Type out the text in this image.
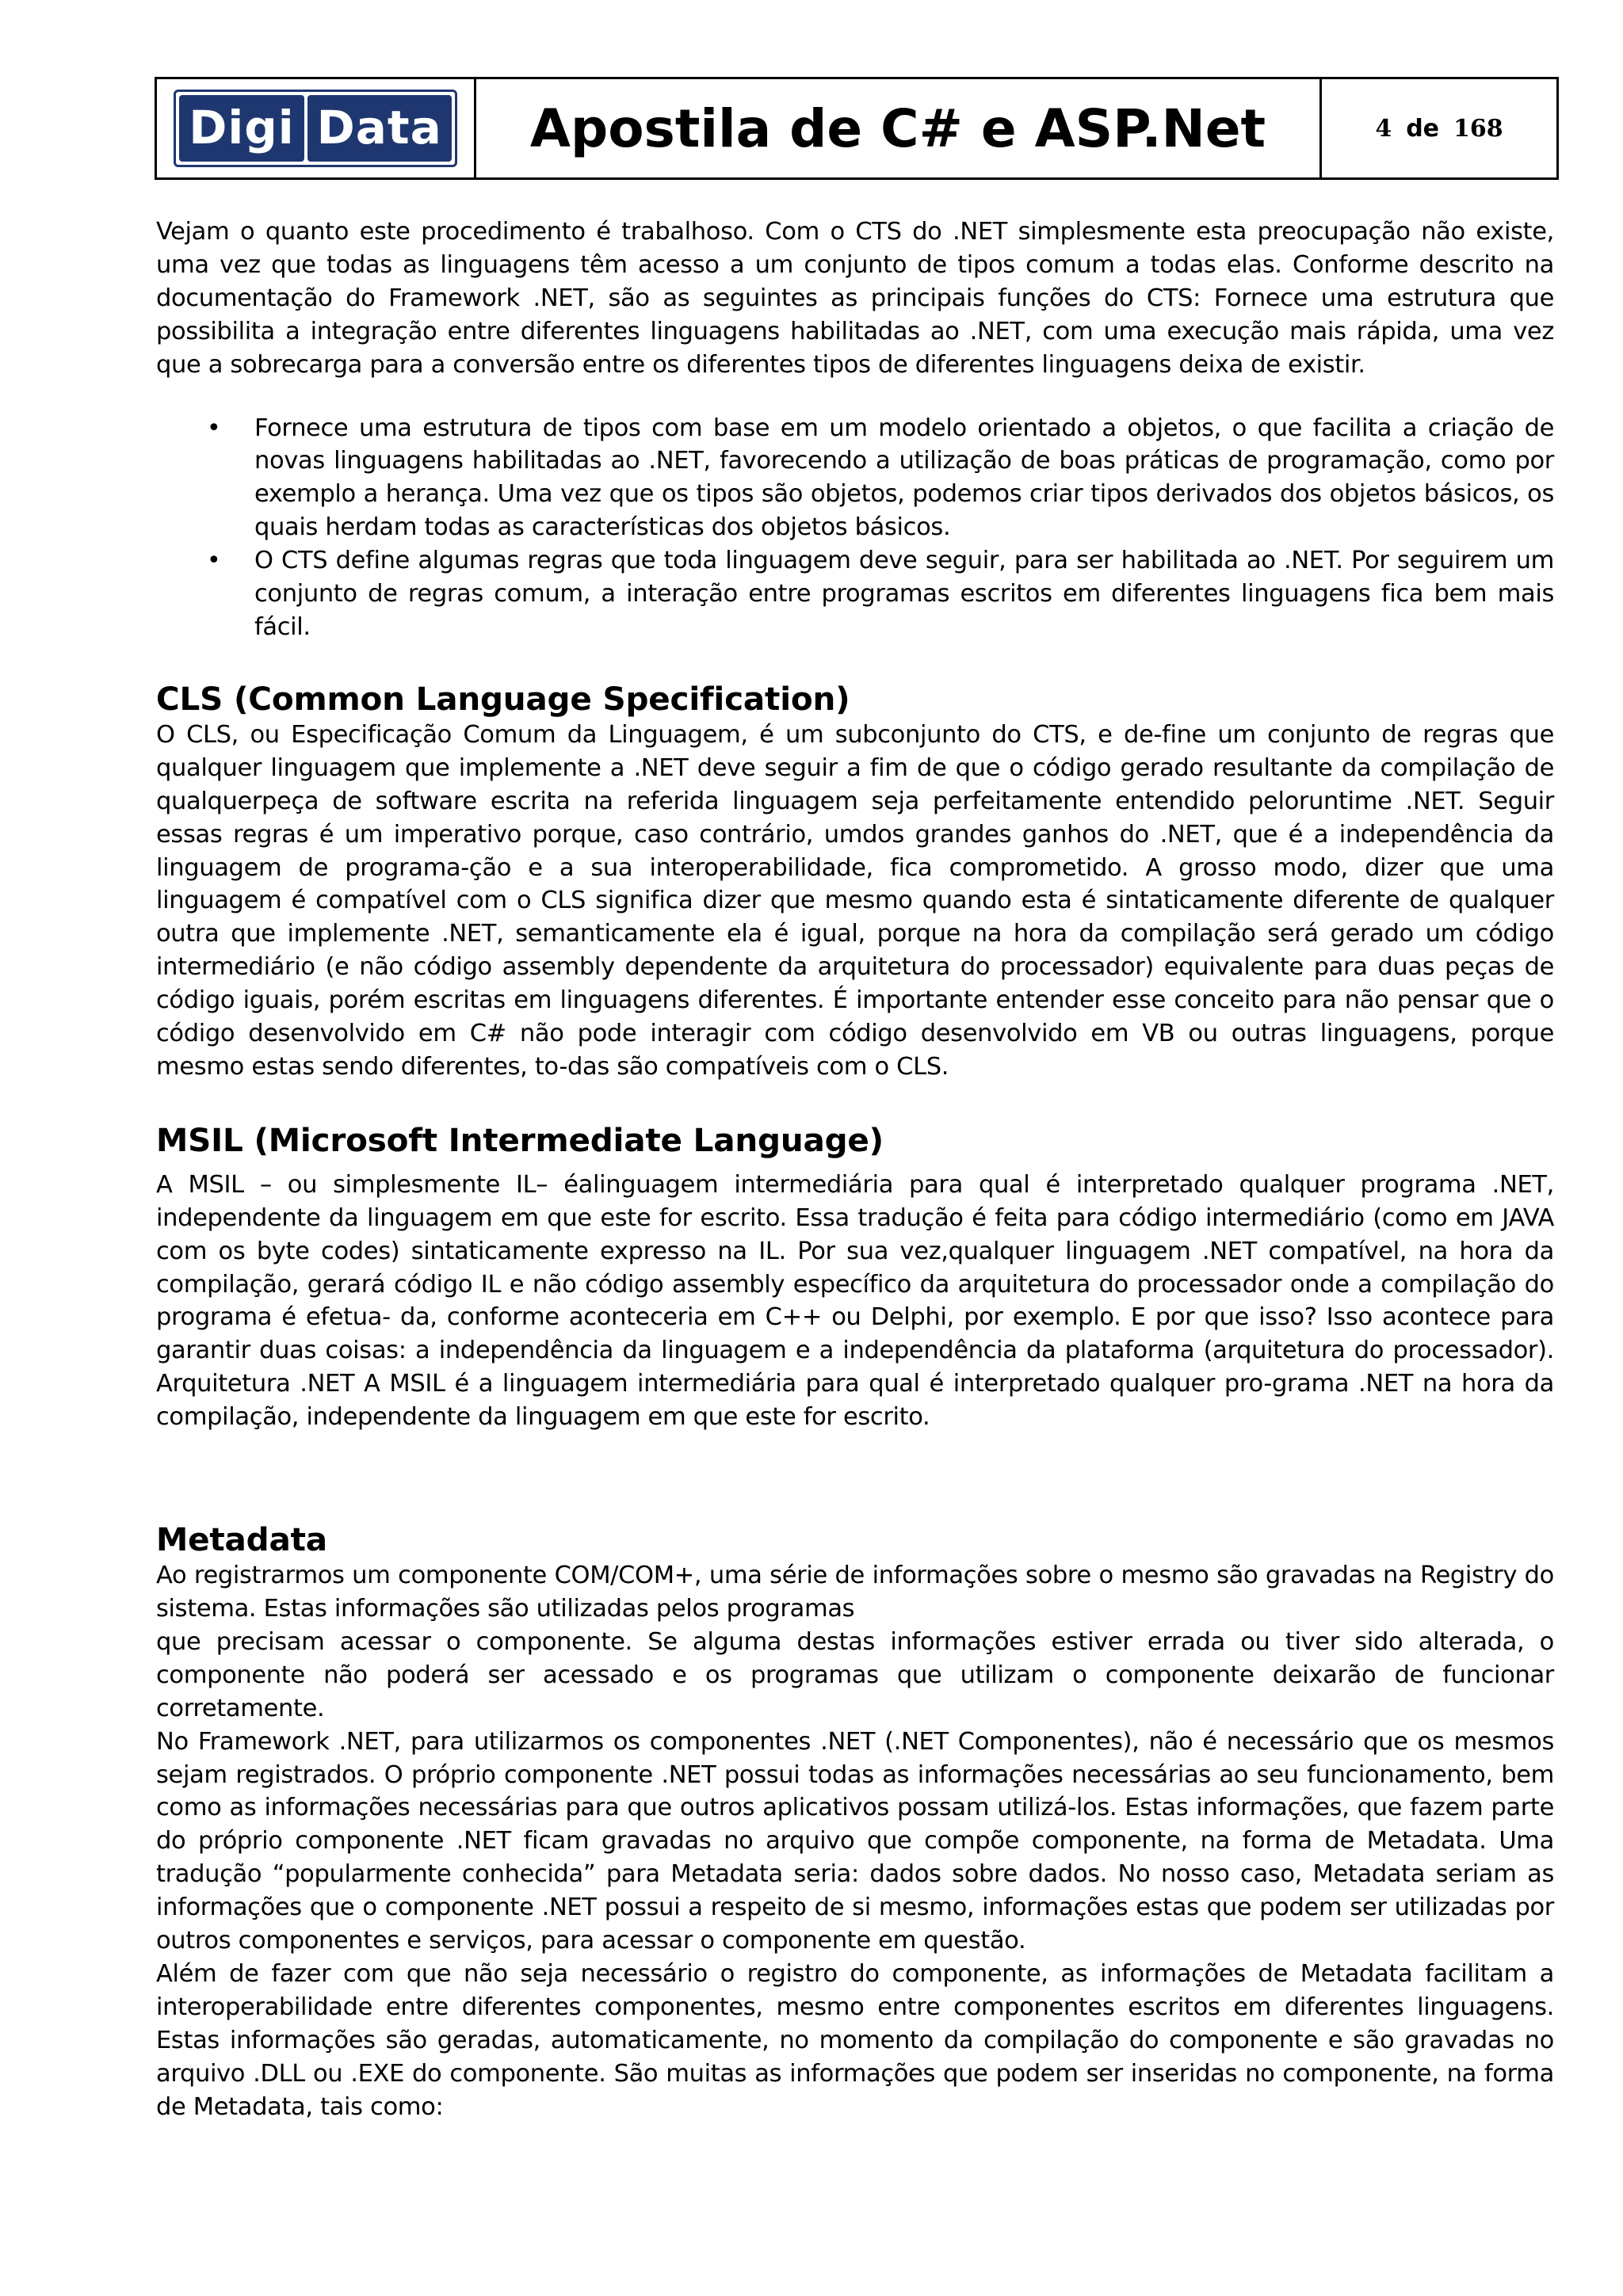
Digi Data Apostila de C# e ASP.Net	4 de 168

Vejam o quanto este procedimento é trabalhoso. Com o CTS do .NET simplesmente esta preocupação não existe, uma vez que todas as linguagens têm acesso a um conjunto de tipos comum a todas elas. Conforme descrito na documentação do Framework .NET, são as seguintes as principais funções do CTS: Fornece uma estrutura que possibilita a integração entre diferentes linguagens habilitadas ao .NET, com uma execução mais rápida, uma vez que a sobrecarga para a conversão entre os diferentes tipos de diferentes linguagens deixa de existir.

• Fornece uma estrutura de tipos com base em um modelo orientado a objetos, o que facilita a criação de novas linguagens habilitadas ao .NET, favorecendo a utilização de boas práticas de programação, como por exemplo a herança. Uma vez que os tipos são objetos, podemos criar tipos derivados dos objetos básicos, os quais herdam todas as características dos objetos básicos.
• O CTS define algumas regras que toda linguagem deve seguir, para ser habilitada ao .NET. Por seguirem um conjunto de regras comum, a interação entre programas escritos em diferentes linguagens fica bem mais fácil.
CLS (Common Language Specification)

O CLS, ou Especificação Comum da Linguagem, é um subconjunto do CTS, e de-fine um conjunto de regras que qualquer linguagem que implemente a .NET deve seguir a fim de que o código gerado resultante da compilação de qualquerpeça de software escrita na referida linguagem seja perfeitamente entendido peloruntime .NET. Seguir essas regras é um imperativo porque, caso contrário, umdos grandes ganhos do .NET, que é a independência da linguagem de programa-ção e a sua interoperabilidade, fica comprometido. A grosso modo, dizer que uma linguagem é compatível com o CLS significa dizer que mesmo quando esta é sintaticamente diferente de qualquer outra que implemente .NET, semanticamente ela é igual, porque na hora da compilação será gerado um código intermediário (e não código assembly dependente da arquitetura do processador) equivalente para duas peças de código iguais, porém escritas em linguagens diferentes. É importante entender esse conceito para não pensar que o código desenvolvido em C# não pode interagir com código desenvolvido em VB ou outras linguagens, porque mesmo estas sendo diferentes, to-das são compatíveis com o CLS.

MSIL (Microsoft Intermediate Language)

A MSIL – ou simplesmente IL– éalinguagem intermediária para qual é interpretado qualquer programa .NET, independente da linguagem em que este for escrito. Essa tradução é feita para código intermediário (como em JAVA com os byte codes) sintaticamente expresso na IL. Por sua vez,qualquer linguagem .NET compatível, na hora da compilação, gerará código IL e não código assembly específico da arquitetura do processador onde a compilação do programa é efetua- da, conforme aconteceria em C++ ou Delphi, por exemplo. E por que isso? Isso acontece para garantir duas coisas: a independência da linguagem e a independência da plataforma (arquitetura do processador). Arquitetura .NET A MSIL é a linguagem intermediária para qual é interpretado qualquer pro-grama .NET na hora da compilação, independente da linguagem em que este for escrito.

Metadata

Ao registrarmos um componente COM/COM+, uma série de informações sobre o mesmo são gravadas na Registry do sistema. Estas informações são utilizadas pelos programas

que precisam acessar o componente. Se alguma destas informações estiver errada ou tiver sido alterada, o componente não poderá ser acessado e os programas que utilizam o componente deixarão de funcionar corretamente.

No Framework .NET, para utilizarmos os componentes .NET (.NET Componentes), não é necessário que os mesmos sejam registrados. O próprio componente .NET possui todas as informações necessárias ao seu funcionamento, bem como as informações necessárias para que outros aplicativos possam utilizá-los. Estas informações, que fazem parte do próprio componente .NET ficam gravadas no arquivo que compõe componente, na forma de Metadata. Uma tradução “popularmente conhecida” para Metadata seria: dados sobre dados. No nosso caso, Metadata seriam as informações que o componente .NET possui a respeito de si mesmo, informações estas que podem ser utilizadas por outros componentes e serviços, para acessar o componente em questão.

Além de fazer com que não seja necessário o registro do componente, as informações de Metadata facilitam a interoperabilidade entre diferentes componentes, mesmo entre componentes escritos em diferentes linguagens. Estas informações são geradas, automaticamente, no momento da compilação do componente e são gravadas no arquivo .DLL ou .EXE do componente. São muitas as informações que podem ser inseridas no componente, na forma de Metadata, tais como:
